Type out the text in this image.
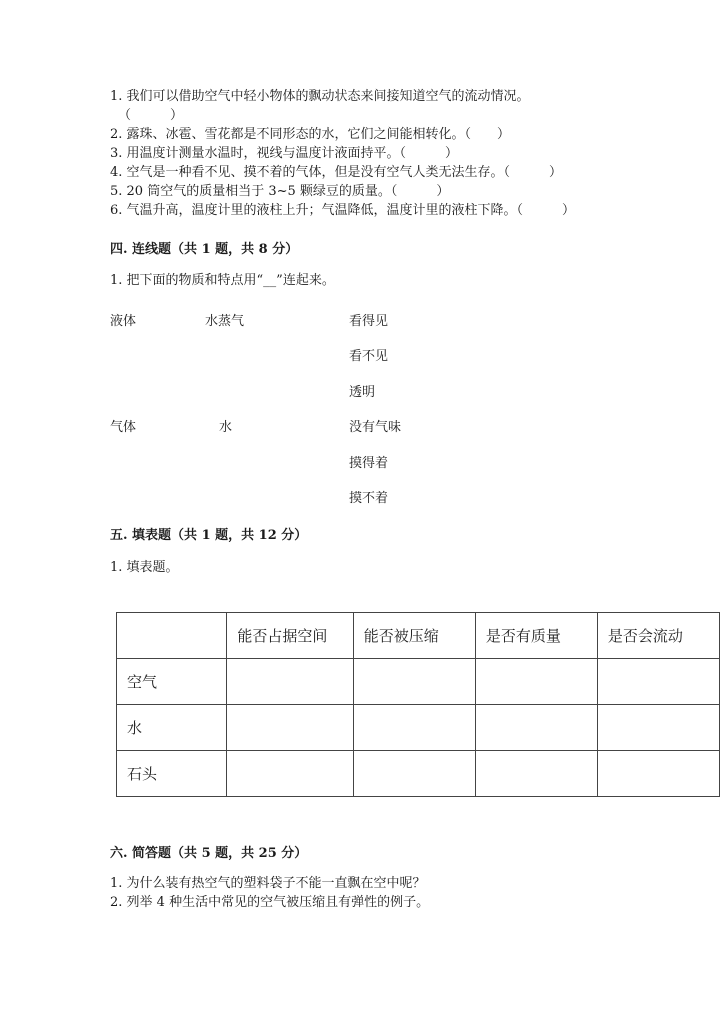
1. 我们可以借助空气中轻小物体的飘动状态来间接知道空气的流动情况。
（　　　）
2. 露珠、冰雹、雪花都是不同形态的水，它们之间能相转化。（　　）
3. 用温度计测量水温时，视线与温度计液面持平。（　　　）
4. 空气是一种看不见、摸不着的气体，但是没有空气人类无法生存。（　　　）
5. 20 筒空气的质量相当于 3~5 颗绿豆的质量。（　　　）
6. 气温升高，温度计里的液柱上升；气温降低，温度计里的液柱下降。（　　　）
四. 连线题（共 1 题，共 8 分）
1. 把下面的物质和特点用“__”连起来。
液体
气体
水蒸气
水
看得见
看不见
透明
没有气味
摸得着
摸不着
五. 填表题（共 1 题，共 12 分）
1. 填表题。
	能否占据空间	能否被压缩	是否有质量	是否会流动
空气				
水				
石头				
六. 简答题（共 5 题，共 25 分）
1. 为什么装有热空气的塑料袋子不能一直飘在空中呢？
2. 列举 4 种生活中常见的空气被压缩且有弹性的例子。
